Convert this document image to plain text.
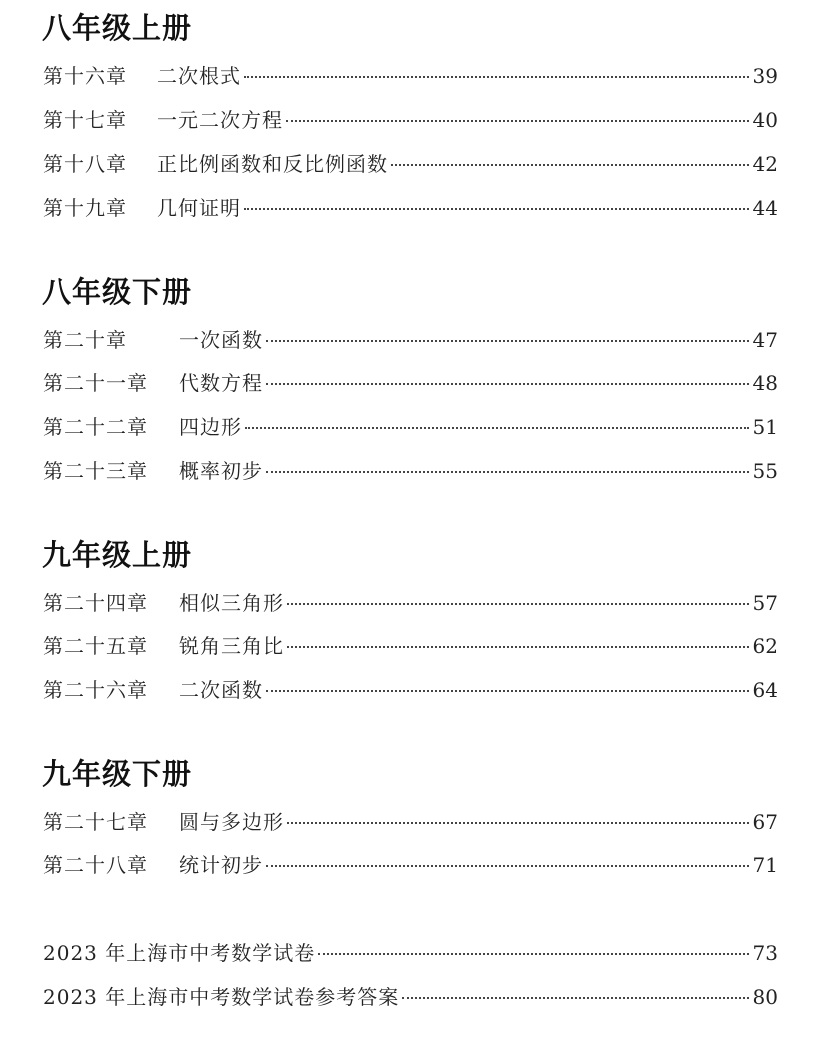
八年级上册
第十六章	二次根式	39
第十七章	一元二次方程	40
第十八章	正比例函数和反比例函数	42
第十九章	几何证明	44
八年级下册
第二十章	一次函数	47
第二十一章	代数方程	48
第二十二章	四边形	51
第二十三章	概率初步	55
九年级上册
第二十四章	相似三角形	57
第二十五章	锐角三角比	62
第二十六章	二次函数	64
九年级下册
第二十七章	圆与多边形	67
第二十八章	统计初步	71
2023 年上海市中考数学试卷	73
2023 年上海市中考数学试卷参考答案	80
